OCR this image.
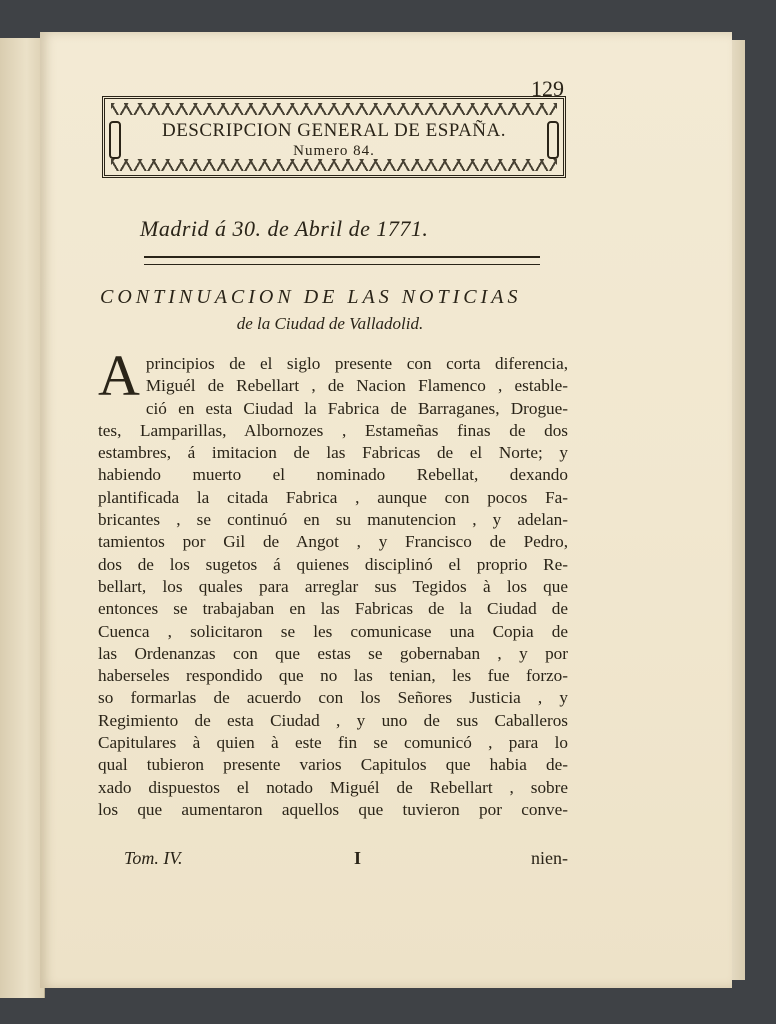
129

DESCRIPCION GENERAL DE ESPAÑA.

Numero 84.

Madrid á 30. de Abril de 1771.

CONTINUACION DE LAS NOTICIAS

de la Ciudad de Valladolid.

A principios de el siglo presente con corta diferencia,
Miguél de Rebellart , de Nacion Flamenco , estable-
ció en esta Ciudad la Fabrica de Barraganes, Drogue-
tes, Lamparillas, Albornozes , Estameñas finas de dos
estambres, á imitacion de las Fabricas de el Norte; y
habiendo muerto el nominado Rebellat, dexando
plantificada la citada Fabrica , aunque con pocos Fa-
bricantes , se continuó en su manutencion , y adelan-
tamientos por Gil de Angot , y Francisco de Pedro,
dos de los sugetos á quienes disciplinó el proprio Re-
bellart, los quales para arreglar sus Tegidos à los que
entonces se trabajaban en las Fabricas de la Ciudad de
Cuenca , solicitaron se les comunicase una Copia de
las Ordenanzas con que estas se gobernaban , y por
haberseles respondido que no las tenian, les fue forzo-
so formarlas de acuerdo con los Señores Justicia , y
Regimiento de esta Ciudad , y uno de sus Caballeros
Capitulares à quien à este fin se comunicó , para lo
qual tubieron presente varios Capitulos que habia de-
xado dispuestos el notado Miguél de Rebellart , sobre
los que aumentaron aquellos que tuvieron por conve-
Tom. IV.	I	nien-
